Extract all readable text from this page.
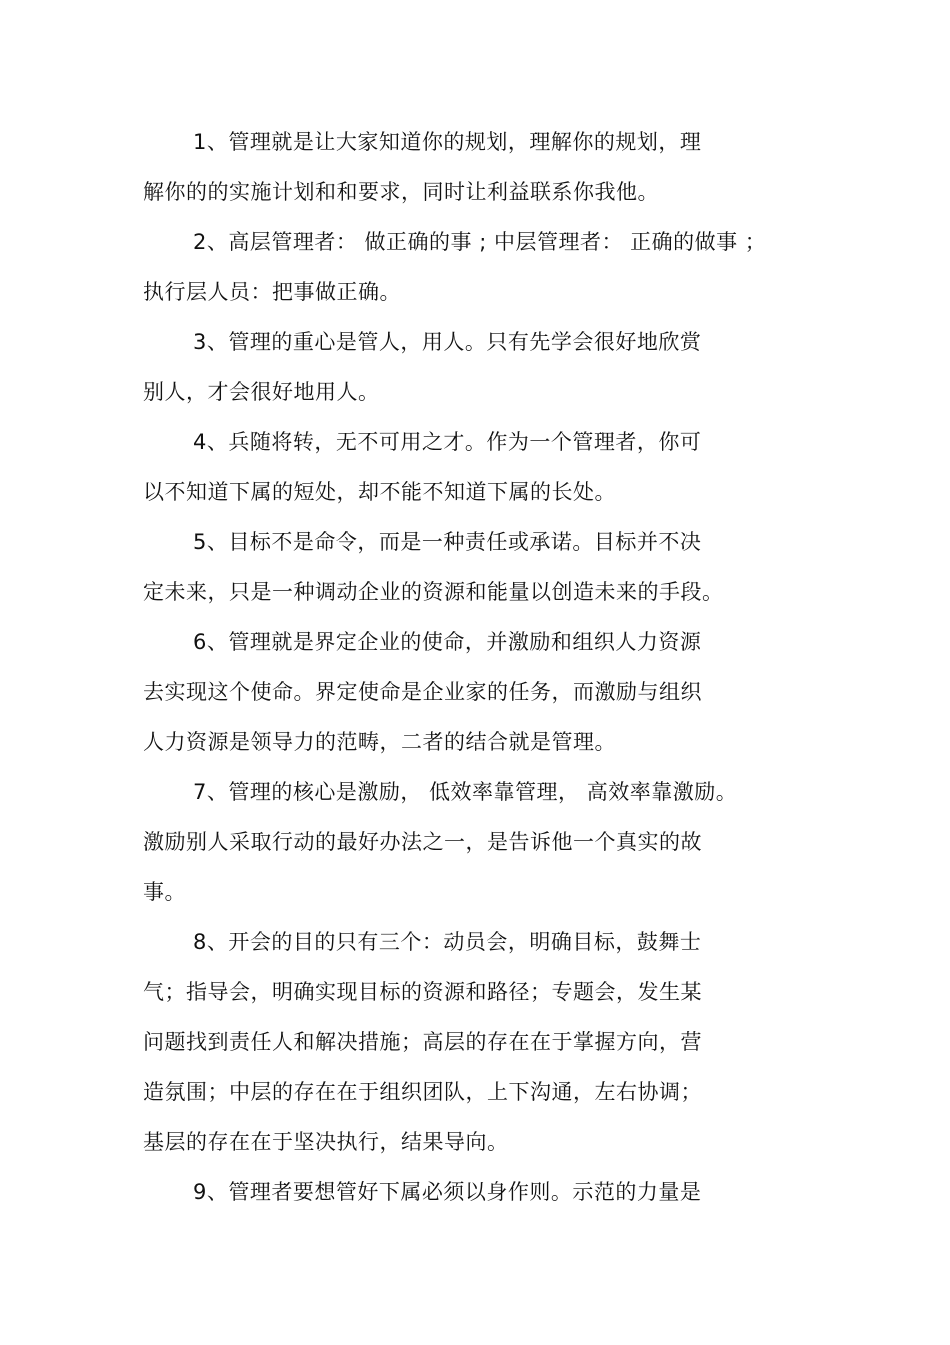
1、管理就是让大家知道你的规划，理解你的规划，理
解你的的实施计划和和要求，同时让利益联系你我他。
2、高层管理者： 做正确的事 ; 中层管理者： 正确的做事 ；
执行层人员：把事做正确。
3、管理的重心是管人，用人。只有先学会很好地欣赏
别人，才会很好地用人。
4、兵随将转，无不可用之才。作为一个管理者，你可
以不知道下属的短处，却不能不知道下属的长处。
5、目标不是命令，而是一种责任或承诺。目标并不决
定未来，只是一种调动企业的资源和能量以创造未来的手段。
6、管理就是界定企业的使命，并激励和组织人力资源
去实现这个使命。界定使命是企业家的任务，而激励与组织
人力资源是领导力的范畴，二者的结合就是管理。
7、管理的核心是激励， 低效率靠管理， 高效率靠激励。
激励别人采取行动的最好办法之一，是告诉他一个真实的故
事。
8、开会的目的只有三个：动员会，明确目标，鼓舞士
气；指导会，明确实现目标的资源和路径；专题会，发生某
问题找到责任人和解决措施；高层的存在在于掌握方向，营
造氛围；中层的存在在于组织团队，上下沟通，左右协调；
基层的存在在于坚决执行，结果导向。
9、管理者要想管好下属必须以身作则。示范的力量是
